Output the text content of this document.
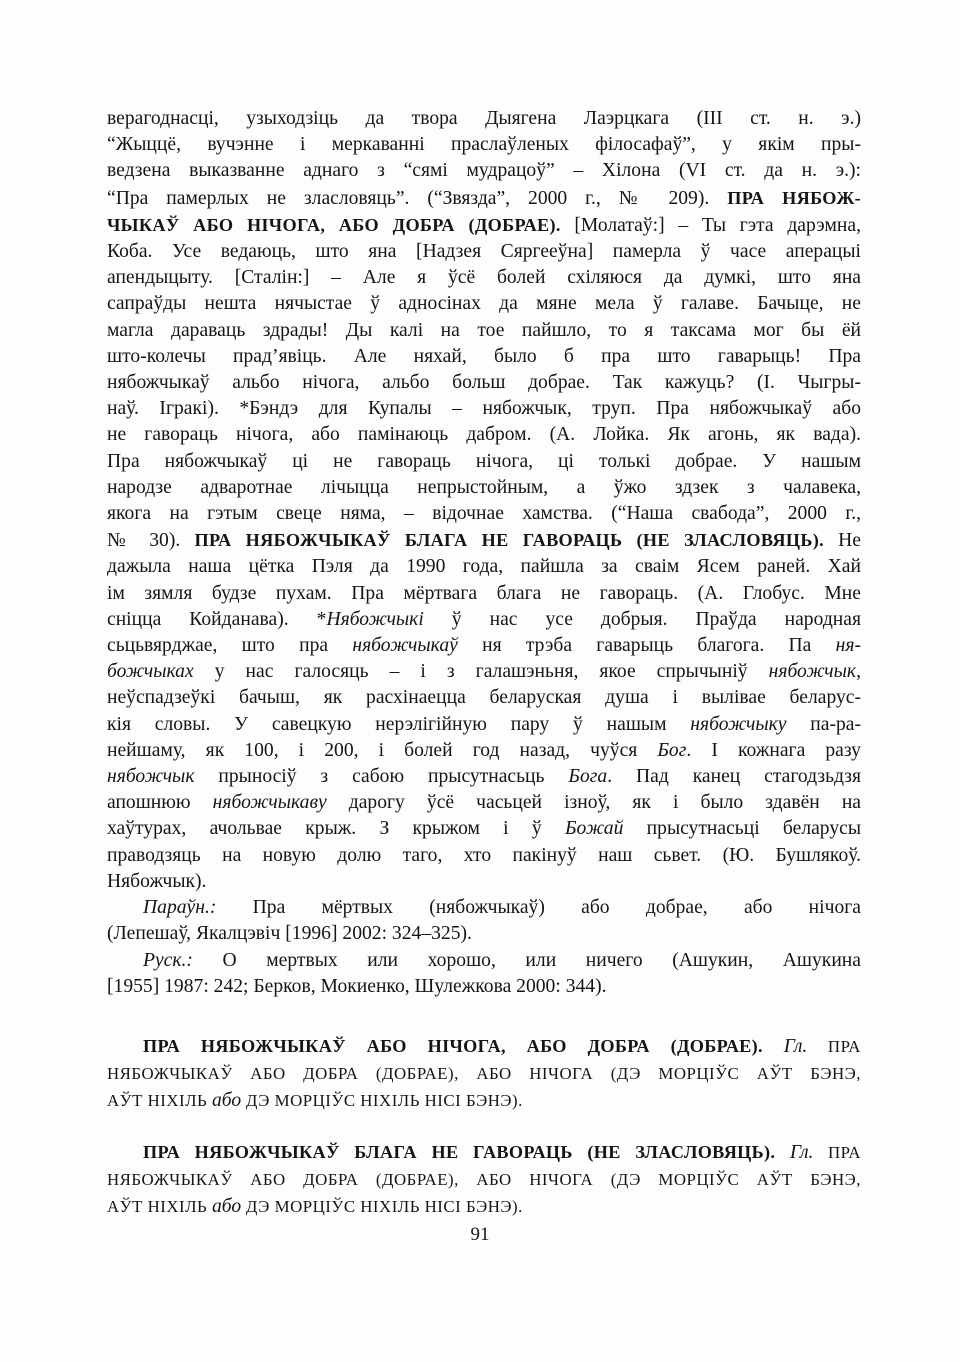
верагоднасці, узыходзіць да твора Дыягена Лаэрцкага (III ст. н. э.)
“Жыццё, вучэнне і меркаванні праслаўленых філосафаў”, у якім пры-
ведзена выказванне аднаго з “сямі мудрацоў” – Хілона (VI ст. да н. э.):
“Пра памерлых не зласловяць”. (“Звязда”, 2000 г., № 209). ПРА НЯБОЖ-
ЧЫКАЎ АБО НІЧОГА, АБО ДОБРА (ДОБРАЕ). [Молатаў:] – Ты гэта дарэмна,
Коба. Усе ведаюць, што яна [Надзея Сяргееўна] памерла ў часе аперацыі
апендыцыту. [Сталін:] – Але я ўсё болей схіляюся да думкі, што яна
сапраўды нешта нячыстае ў адносінах да мяне мела ў галаве. Бачыце, не
магла дараваць здрады! Ды калі на тое пайшло, то я таксама мог бы ёй
што-колечы прад’явіць. Але няхай, было б пра што гаварыць! Пра
нябожчыкаў альбо нічога, альбо больш добрае. Так кажуць? (І. Чыгры-
наў. Ігракі). *Бэндэ для Купалы – нябожчык, труп. Пра нябожчыкаў або
не гавораць нічога, або памінаюць дабром. (А. Лойка. Як агонь, як вада).
Пра нябожчыкаў ці не гавораць нічога, ці толькі добрае. У нашым
народзе адваротнае лічыцца непрыстойным, а ўжо здзек з чалавека,
якога на гэтым свеце няма, – відочнае хамства. (“Наша свабода”, 2000 г.,
№ 30). ПРА НЯБОЖЧЫКАЎ БЛАГА НЕ ГАВОРАЦЬ (НЕ ЗЛАСЛОВЯЦЬ). Не
дажыла наша цётка Пэля да 1990 года, пайшла за сваім Ясем раней. Хай
ім зямля будзе пухам. Пра мёртвага блага не гавораць. (А. Глобус. Мне
сніцца Койданава). *Нябожчыкі ў нас усе добрыя. Праўда народная
сьцьвярджае, што пра нябожчыкаў ня трэба гаварыць благога. Па ня-
божчыках у нас галосяць – і з галашэньня, якое спрычыніў нябожчык,
неўспадзеўкі бачыш, як расхінаецца беларуская душа і вылівае беларус-
кія словы. У савецкую нерэлігійную пару ў нашым нябожчыку па-ра-
нейшаму, як 100, і 200, і болей год назад, чуўся Бог. І кожнага разу
нябожчык прыносіў з сабою прысутнасьць Бога. Пад канец стагодзьдзя
апошнюю нябожчыкаву дарогу ўсё часьцей ізноў, як і было здавён на
хаўтурах, ачольвае крыж. З крыжом і ў Божай прысутнасьці беларусы
праводзяць на новую долю таго, хто пакінуў наш сьвет. (Ю. Бушлякоў.
Нябожчык).
Параўн.: Пра мёртвых (нябожчыкаў) або добрае, або нічога
(Лепешаў, Якалцэвіч [1996] 2002: 324–325).
Руск.: О мертвых или хорошо, или ничего (Ашукин, Ашукина
[1955] 1987: 242; Берков, Мокиенко, Шулежкова 2000: 344).
ПРА НЯБОЖЧЫКАЎ АБО НІЧОГА, АБО ДОБРА (ДОБРАЕ). Гл. ПРА
НЯБОЖЧЫКАЎ АБО ДОБРА (ДОБРАЕ), АБО НІЧОГА (ДЭ МОРЦІЎС АЎТ БЭНЭ,
АЎТ НІХІЛЬ або ДЭ МОРЦІЎС НІХІЛЬ НІСІ БЭНЭ).
ПРА НЯБОЖЧЫКАЎ БЛАГА НЕ ГАВОРАЦЬ (НЕ ЗЛАСЛОВЯЦЬ). Гл. ПРА
НЯБОЖЧЫКАЎ АБО ДОБРА (ДОБРАЕ), АБО НІЧОГА (ДЭ МОРЦІЎС АЎТ БЭНЭ,
АЎТ НІХІЛЬ або ДЭ МОРЦІЎС НІХІЛЬ НІСІ БЭНЭ).
91
